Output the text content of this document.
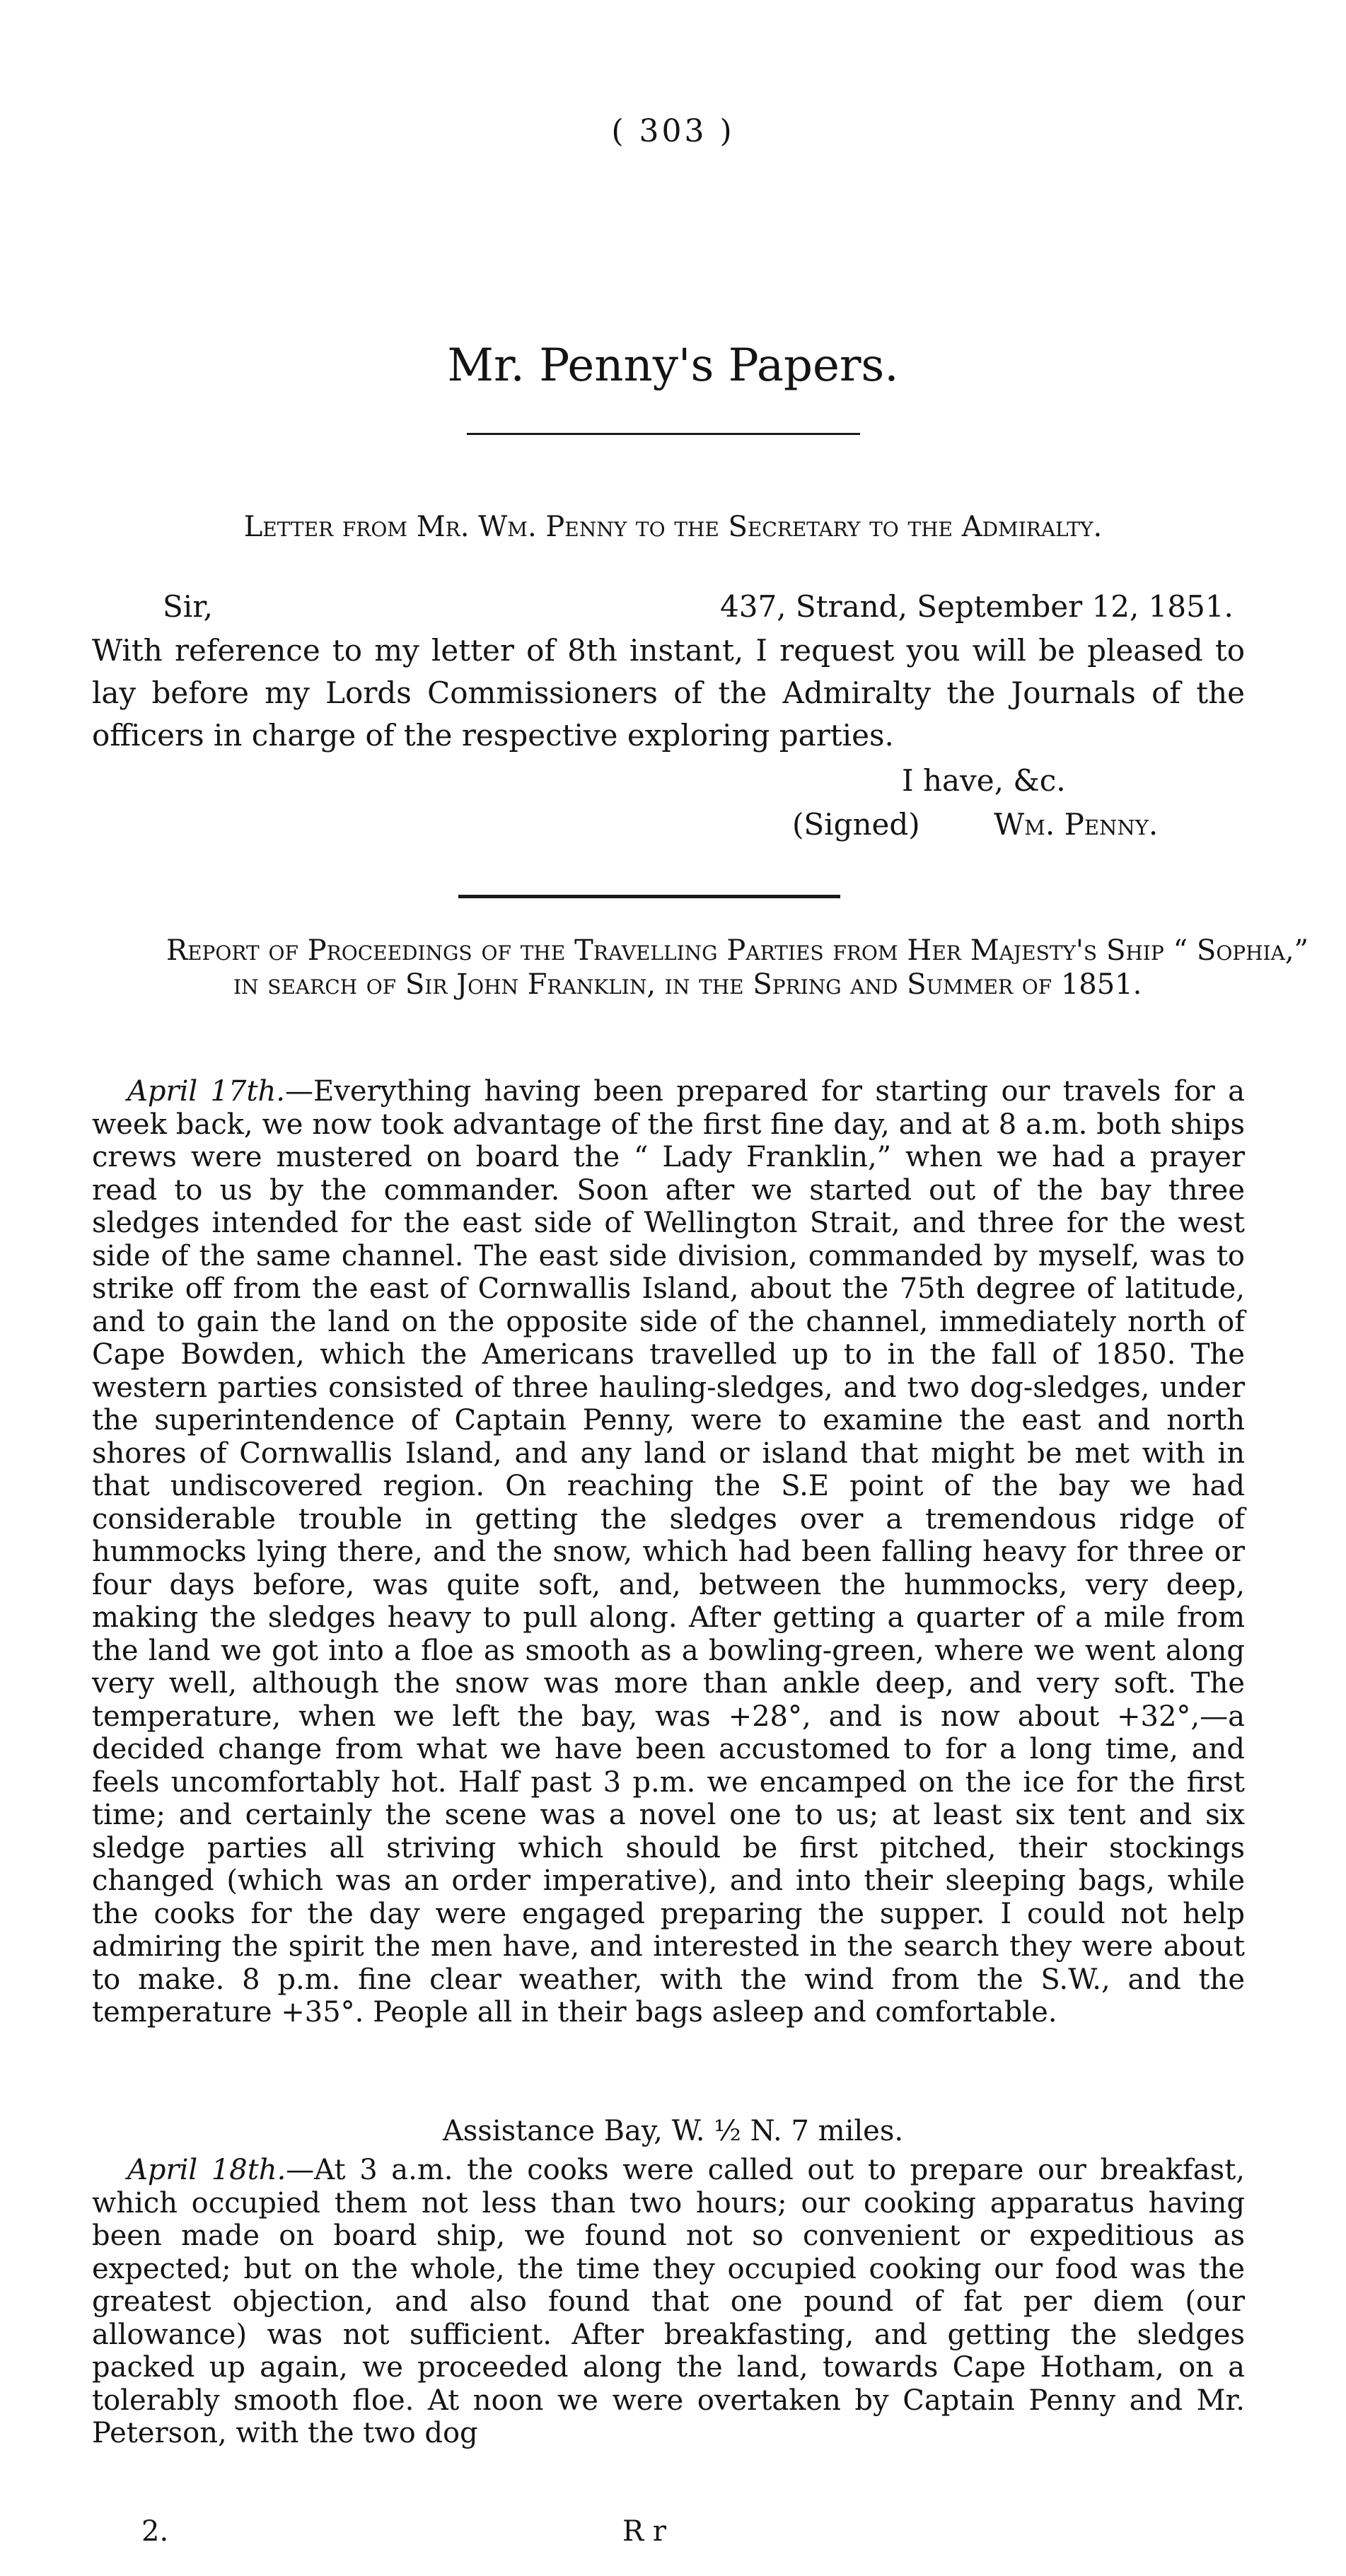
( 303 )
Mr. Penny's Papers.
Letter from Mr. Wm. Penny to the Secretary to the Admiralty.
Sir,	437, Strand, September 12, 1851.
With reference to my letter of 8th instant, I request you will be pleased to lay before my Lords Commissioners of the Admiralty the Journals of the officers in charge of the respective exploring parties.
I have, &c.
(Signed) Wm. Penny.
Report of Proceedings of the Travelling Parties from Her Majesty's Ship “ Sophia,” in search of Sir John Franklin, in the Spring and Summer of 1851.
April 17th.—Everything having been prepared for starting our travels for a week back, we now took advantage of the first fine day, and at 8 a.m. both ships crews were mustered on board the “ Lady Franklin,” when we had a prayer read to us by the commander. Soon after we started out of the bay three sledges intended for the east side of Wellington Strait, and three for the west side of the same channel. The east side division, commanded by myself, was to strike off from the east of Cornwallis Island, about the 75th degree of latitude, and to gain the land on the opposite side of the channel, immediately north of Cape Bowden, which the Americans travelled up to in the fall of 1850. The western parties consisted of three hauling-sledges, and two dog-sledges, under the superintendence of Captain Penny, were to examine the east and north shores of Cornwallis Island, and any land or island that might be met with in that undiscovered region. On reaching the S.E point of the bay we had considerable trouble in getting the sledges over a tremendous ridge of hummocks lying there, and the snow, which had been falling heavy for three or four days before, was quite soft, and, between the hummocks, very deep, making the sledges heavy to pull along. After getting a quarter of a mile from the land we got into a floe as smooth as a bowling-green, where we went along very well, although the snow was more than ankle deep, and very soft. The temperature, when we left the bay, was +28°, and is now about +32°,—a decided change from what we have been accustomed to for a long time, and feels uncomfortably hot. Half past 3 p.m. we encamped on the ice for the first time; and certainly the scene was a novel one to us; at least six tent and six sledge parties all striving which should be first pitched, their stockings changed (which was an order imperative), and into their sleeping bags, while the cooks for the day were engaged preparing the supper. I could not help admiring the spirit the men have, and interested in the search they were about to make. 8 p.m. fine clear weather, with the wind from the S.W., and the temperature +35°. People all in their bags asleep and comfortable.
Assistance Bay, W. ½ N. 7 miles.
April 18th.—At 3 a.m. the cooks were called out to prepare our breakfast, which occupied them not less than two hours; our cooking apparatus having been made on board ship, we found not so convenient or expeditious as expected; but on the whole, the time they occupied cooking our food was the greatest objection, and also found that one pound of fat per diem (our allowance) was not sufficient. After breakfasting, and getting the sledges packed up again, we proceeded along the land, towards Cape Hotham, on a tolerably smooth floe. At noon we were overtaken by Captain Penny and Mr. Peterson, with the two dog
2.	R r
